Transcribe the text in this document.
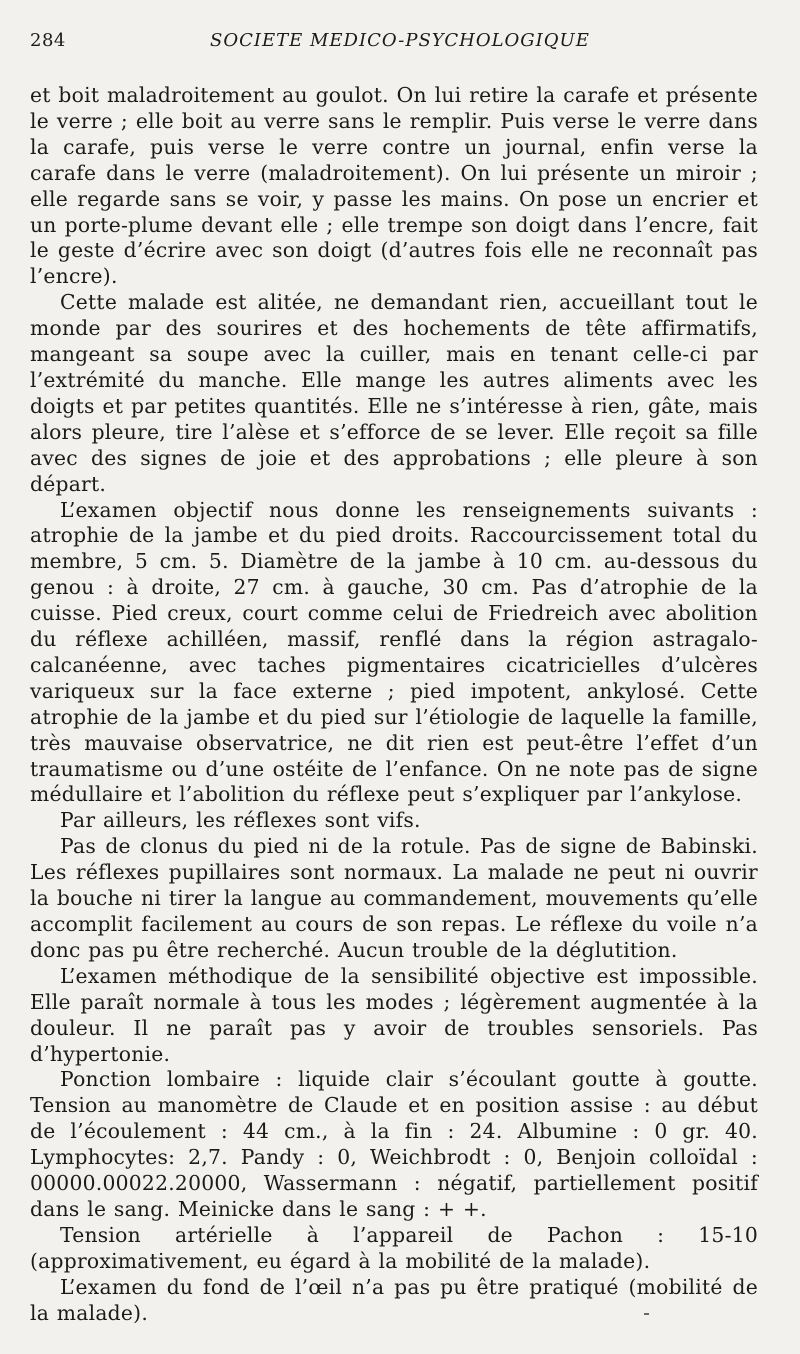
284	SOCIETE MEDICO-PSYCHOLOGIQUE

et boit maladroitement au goulot. On lui retire la carafe et présente le verre ; elle boit au verre sans le remplir. Puis verse le verre dans la carafe, puis verse le verre contre un journal, enfin verse la carafe dans le verre (maladroitement). On lui présente un miroir ; elle regarde sans se voir, y passe les mains. On pose un encrier et un porte-plume devant elle ; elle trempe son doigt dans l’encre, fait le geste d’écrire avec son doigt (d’autres fois elle ne reconnaît pas l’encre).

Cette malade est alitée, ne demandant rien, accueillant tout le monde par des sourires et des hochements de tête affirmatifs, mangeant sa soupe avec la cuiller, mais en tenant celle-ci par l’extrémité du manche. Elle mange les autres aliments avec les doigts et par petites quantités. Elle ne s’intéresse à rien, gâte, mais alors pleure, tire l’alèse et s’efforce de se lever. Elle reçoit sa fille avec des signes de joie et des approbations ; elle pleure à son départ.

L’examen objectif nous donne les renseignements suivants : atrophie de la jambe et du pied droits. Raccourcissement total du membre, 5 cm. 5. Diamètre de la jambe à 10 cm. au-dessous du genou : à droite, 27 cm. à gauche, 30 cm. Pas d’atrophie de la cuisse. Pied creux, court comme celui de Friedreich avec abolition du réflexe achilléen, massif, renflé dans la région astragalo-calcanéenne, avec taches pigmentaires cicatricielles d’ulcères variqueux sur la face externe ; pied impotent, ankylosé. Cette atrophie de la jambe et du pied sur l’étiologie de laquelle la famille, très mauvaise observatrice, ne dit rien est peut-être l’effet d’un traumatisme ou d’une ostéite de l’enfance. On ne note pas de signe médullaire et l’abolition du réflexe peut s’expliquer par l’ankylose.

Par ailleurs, les réflexes sont vifs.

Pas de clonus du pied ni de la rotule. Pas de signe de Babinski. Les réflexes pupillaires sont normaux. La malade ne peut ni ouvrir la bouche ni tirer la langue au commandement, mouvements qu’elle accomplit facilement au cours de son repas. Le réflexe du voile n’a donc pas pu être recherché. Aucun trouble de la déglutition.

L’examen méthodique de la sensibilité objective est impossible. Elle paraît normale à tous les modes ; légèrement augmentée à la douleur. Il ne paraît pas y avoir de troubles sensoriels. Pas d’hypertonie.

Ponction lombaire : liquide clair s’écoulant goutte à goutte. Tension au manomètre de Claude et en position assise : au début de l’écoulement : 44 cm., à la fin : 24. Albumine : 0 gr. 40. Lymphocytes: 2,7. Pandy : 0, Weichbrodt : 0, Benjoin colloïdal : 00000.00022.20000, Wassermann : négatif, partiellement positif dans le sang. Meinicke dans le sang : + +.

Tension artérielle à l’appareil de Pachon : 15-10 (approximativement, eu égard à la mobilité de la malade).

L’examen du fond de l’œil n’a pas pu être pratiqué (mobilité de la malade).
